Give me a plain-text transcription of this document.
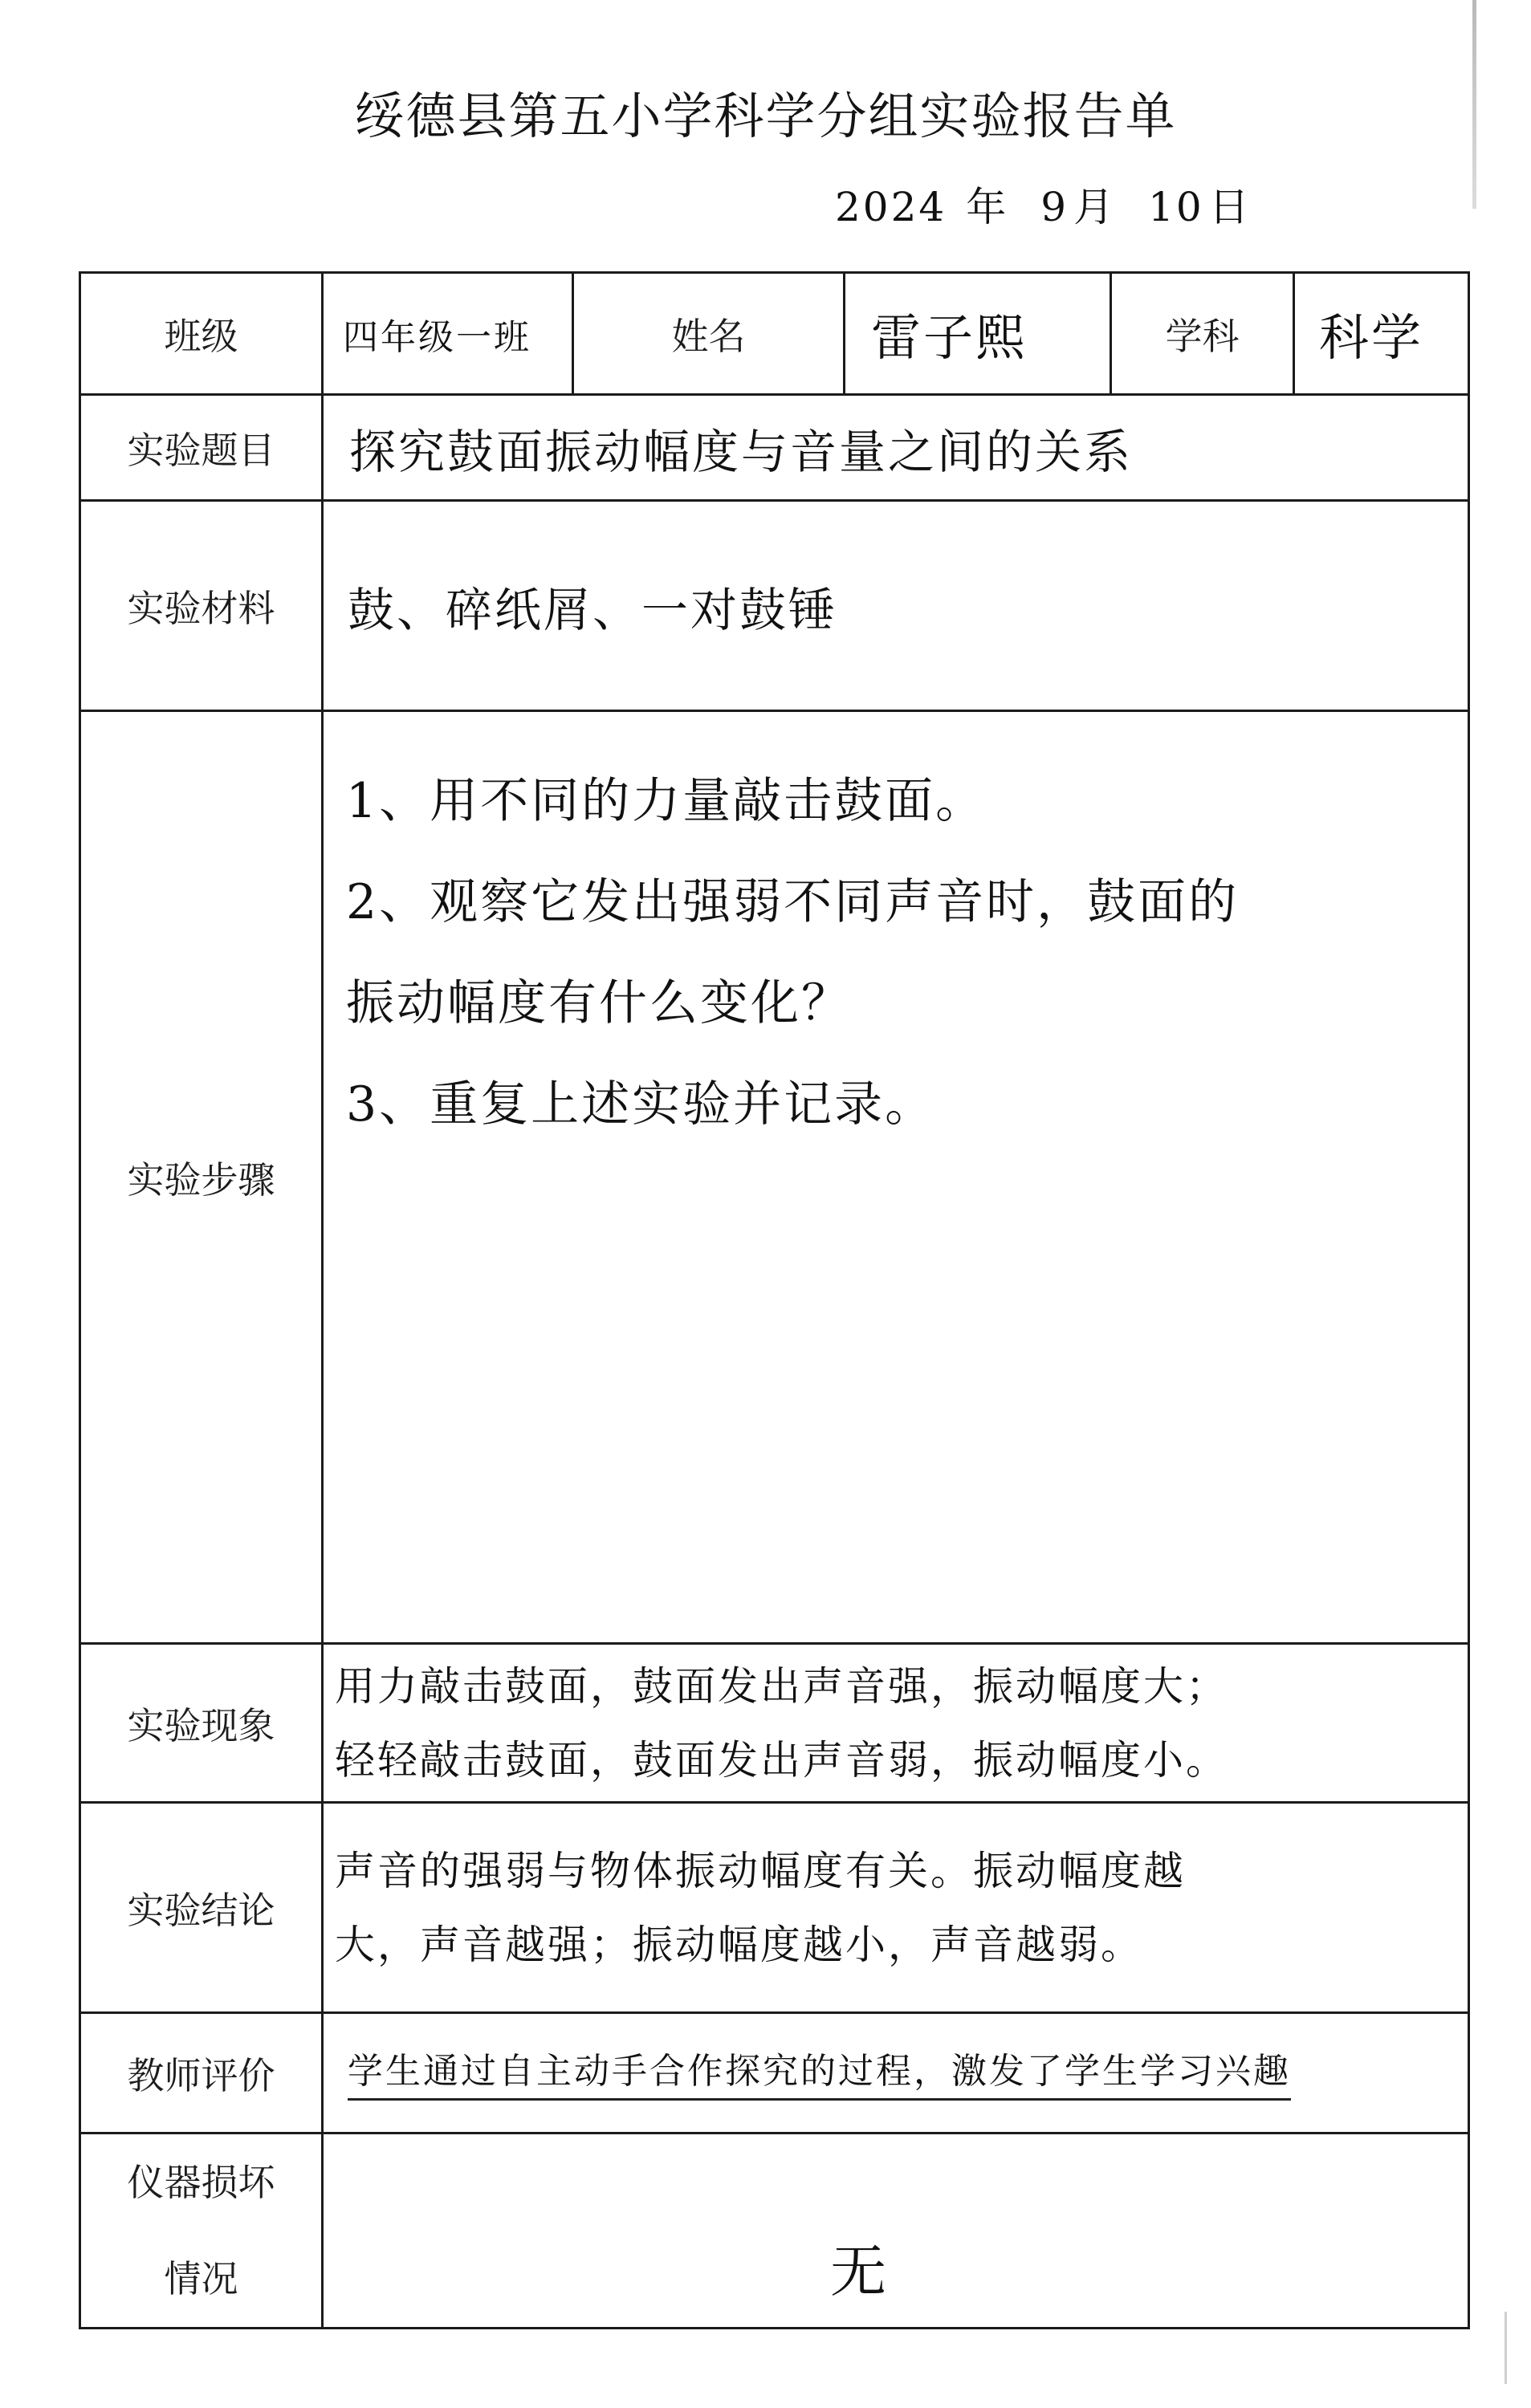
绥德县第五小学科学分组实验报告单
2024 年 9 月 10 日
班级	四年级一班	姓名	雷子熙	学科	科学
实验题目	探究鼓面振动幅度与音量之间的关系				
实验材料	鼓、碎纸屑、一对鼓锤				
实验步骤	1、用不同的力量敲击鼓面。
2、观察它发出强弱不同声音时，鼓面的
振动幅度有什么变化？
3、重复上述实验并记录。				

实验现象	用力敲击鼓面，鼓面发出声音强，振动幅度大；
轻轻敲击鼓面，鼓面发出声音弱，振动幅度小。				

实验结论	声音的强弱与物体振动幅度有关。振动幅度越
大，声音越强；振动幅度越小，声音越弱。				

教师评价	学生通过自主动手合作探究的过程，激发了学生学习兴趣				

仪器损坏
情况	无				
